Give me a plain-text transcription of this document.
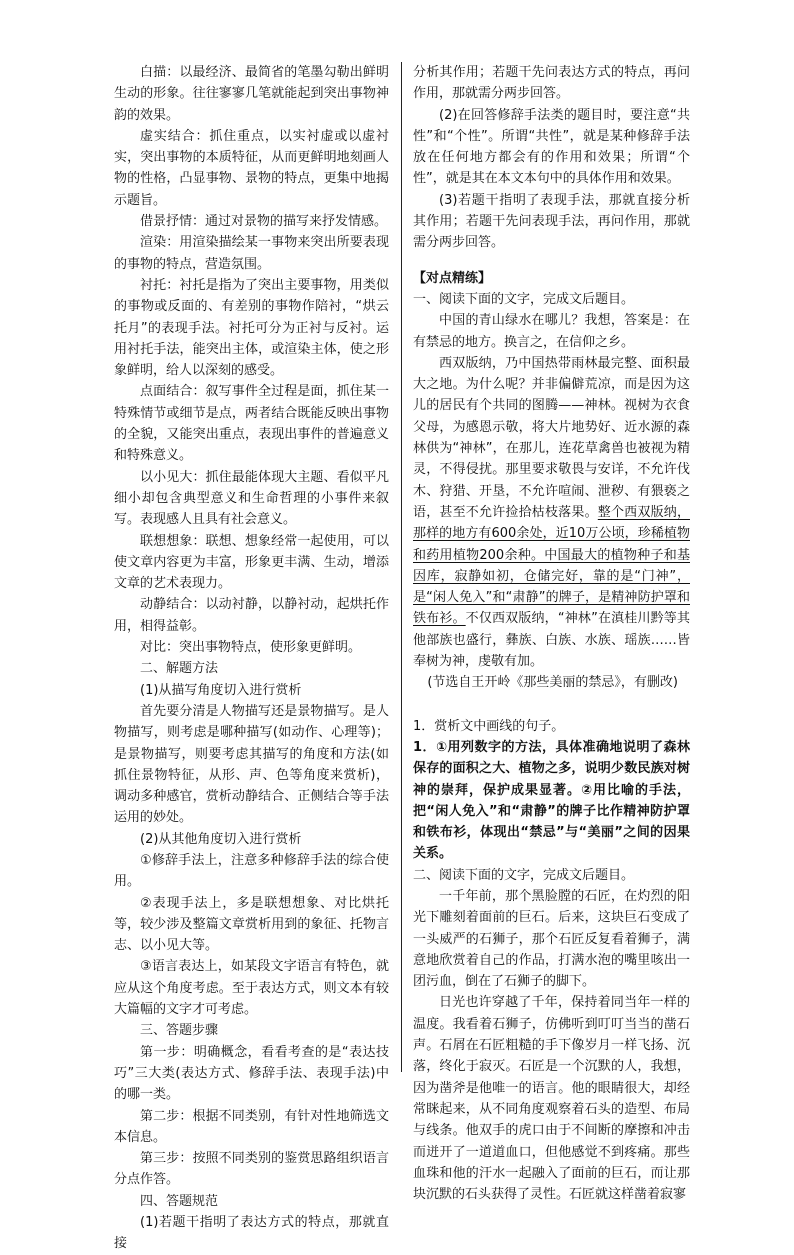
白描：以最经济、最简省的笔墨勾勒出鲜明生动的形象。往往寥寥几笔就能起到突出事物神韵的效果。

虚实结合：抓住重点，以实衬虚或以虚衬实，突出事物的本质特征，从而更鲜明地刻画人物的性格，凸显事物、景物的特点，更集中地揭示题旨。

借景抒情：通过对景物的描写来抒发情感。

渲染：用渲染描绘某一事物来突出所要表现的事物的特点，营造氛围。

衬托：衬托是指为了突出主要事物，用类似的事物或反面的、有差别的事物作陪衬，“烘云托月”的表现手法。衬托可分为正衬与反衬。运用衬托手法，能突出主体，或渲染主体，使之形象鲜明，给人以深刻的感受。

点面结合：叙写事件全过程是面，抓住某一特殊情节或细节是点，两者结合既能反映出事物的全貌，又能突出重点，表现出事件的普遍意义和特殊意义。

以小见大：抓住最能体现大主题、看似平凡细小却包含典型意义和生命哲理的小事件来叙写。表现感人且具有社会意义。

联想想象：联想、想象经常一起使用，可以使文章内容更为丰富，形象更丰满、生动，增添文章的艺术表现力。

动静结合：以动衬静，以静衬动，起烘托作用，相得益彰。

对比：突出事物特点，使形象更鲜明。

二、解题方法

(1)从描写角度切入进行赏析

首先要分清是人物描写还是景物描写。是人物描写，则考虑是哪种描写(如动作、心理等)；是景物描写，则要考虑其描写的角度和方法(如抓住景物特征，从形、声、色等角度来赏析)，调动多种感官，赏析动静结合、正侧结合等手法运用的妙处。

(2)从其他角度切入进行赏析

①修辞手法上，注意多种修辞手法的综合使用。

②表现手法上，多是联想想象、对比烘托等，较少涉及整篇文章赏析用到的象征、托物言志、以小见大等。

③语言表达上，如某段文字语言有特色，就应从这个角度考虑。至于表达方式，则文本有较大篇幅的文字才可考虑。

三、答题步骤

第一步：明确概念，看看考查的是“表达技巧”三大类(表达方式、修辞手法、表现手法)中的哪一类。

第二步：根据不同类别，有针对性地筛选文本信息。

第三步：按照不同类别的鉴赏思路组织语言分点作答。

四、答题规范

(1)若题干指明了表达方式的特点，那就直接

分析其作用；若题干先问表达方式的特点，再问作用，那就需分两步回答。

(2)在回答修辞手法类的题目时，要注意“共性”和“个性”。所谓“共性”，就是某种修辞手法放在任何地方都会有的作用和效果；所谓“个性”，就是其在本文本句中的具体作用和效果。

(3)若题干指明了表现手法，那就直接分析其作用；若题干先问表现手法，再问作用，那就需分两步回答。

【对点精练】

一、阅读下面的文字，完成文后题目。

中国的青山绿水在哪儿？我想，答案是：在有禁忌的地方。换言之，在信仰之乡。

西双版纳，乃中国热带雨林最完整、面积最大之地。为什么呢？并非偏僻荒凉，而是因为这儿的居民有个共同的图腾——神林。视树为衣食父母，为感恩示敬，将大片地势好、近水源的森林供为“神林”，在那儿，连花草禽兽也被视为精灵，不得侵扰。那里要求敬畏与安详，不允许伐木、狩猎、开垦，不允许喧闹、泄秽、有猥亵之语，甚至不允许捡拾枯枝落果。整个西双版纳，那样的地方有600余处，近10万公顷，珍稀植物和药用植物200余种。中国最大的植物种子和基因库，寂静如初，仓储完好，靠的是“门神”，是“闲人免入”和“肃静”的牌子，是精神防护罩和铁布衫。不仅西双版纳，“神林”在滇桂川黔等其他部族也盛行，彝族、白族、水族、瑶族……皆奉树为神，虔敬有加。

(节选自王开岭《那些美丽的禁忌》，有删改)

1．赏析文中画线的句子。

1．①用列数字的方法，具体准确地说明了森林保存的面积之大、植物之多，说明少数民族对树神的崇拜，保护成果显著。②用比喻的手法，把“闲人免入”和“肃静”的牌子比作精神防护罩和铁布衫，体现出“禁忌”与“美丽”之间的因果关系。

二、阅读下面的文字，完成文后题目。

一千年前，那个黑脸膛的石匠，在灼烈的阳光下雕刻着面前的巨石。后来，这块巨石变成了一头威严的石狮子，那个石匠反复看着狮子，满意地欣赏着自己的作品，打满水泡的嘴里咳出一团污血，倒在了石狮子的脚下。

日光也许穿越了千年，保持着同当年一样的温度。我看着石狮子，仿佛听到叮叮当当的凿石声。石屑在石匠粗糙的手下像岁月一样飞扬、沉落，终化于寂灭。石匠是一个沉默的人，我想，因为凿斧是他唯一的语言。他的眼睛很大，却经常眯起来，从不同角度观察着石头的造型、布局与线条。他双手的虎口由于不间断的摩擦和冲击而迸开了一道道血口，但他感觉不到疼痛。那些血珠和他的汗水一起融入了面前的巨石，而让那块沉默的石头获得了灵性。石匠就这样凿着寂寥
